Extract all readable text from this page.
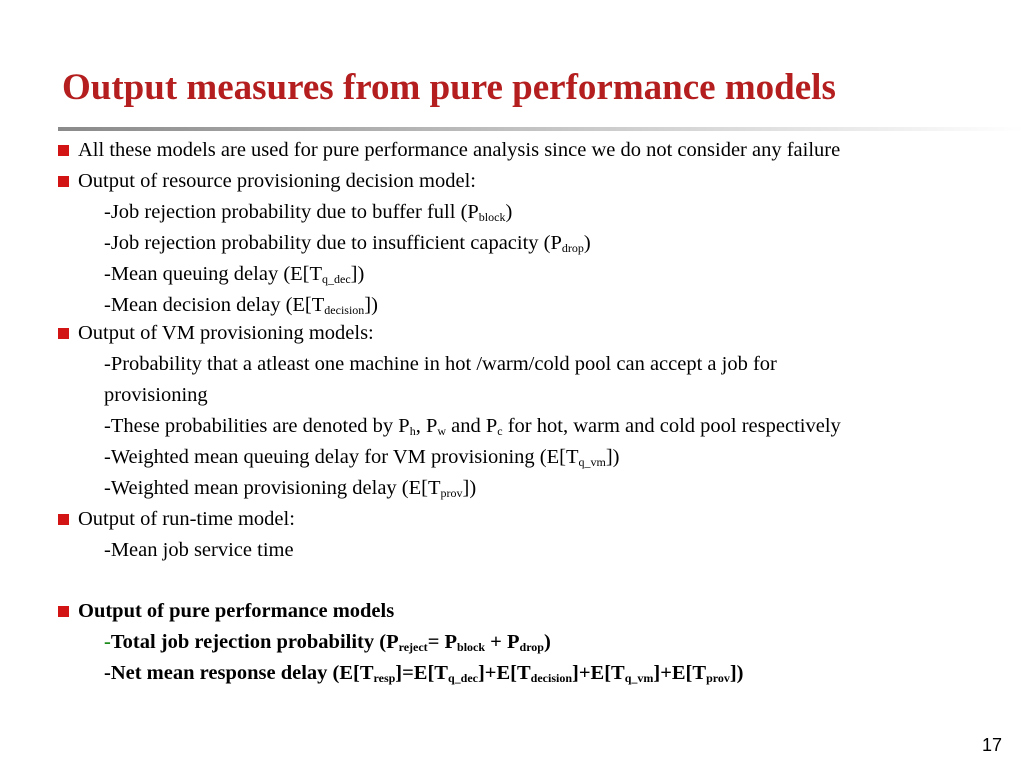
Output measures from pure performance models
All these models are used for pure performance analysis since we do not consider any failure
Output of resource provisioning decision model:
-Job rejection probability due to buffer full $(P_{block})$
-Job rejection probability due to insufficient capacity $(P_{drop})$
-Mean queuing delay $(E[T_{q\_dec}])$
-Mean decision delay $(E[T_{decision}])$
Output of VM provisioning models:
-Probability that a atleast one machine in hot /warm/cold pool can accept a job for
provisioning
-These probabilities are denoted by $P_h$, $P_w$ and $P_c$ for hot, warm and cold pool respectively
-Weighted mean queuing delay for VM provisioning $(E[T_{q\_vm}])$
-Weighted mean provisioning delay $(E[T_{prov}])$
Output of run-time model:
-Mean job service time
Output of pure performance models
-Total job rejection probability $(P_{reject}= P_{block} + P_{drop})$
-Net mean response delay $(E[T_{resp}]=E[T_{q\_dec}]+E[T_{decision}]+E[T_{q\_vm}]+E[T_{prov}])$
17
